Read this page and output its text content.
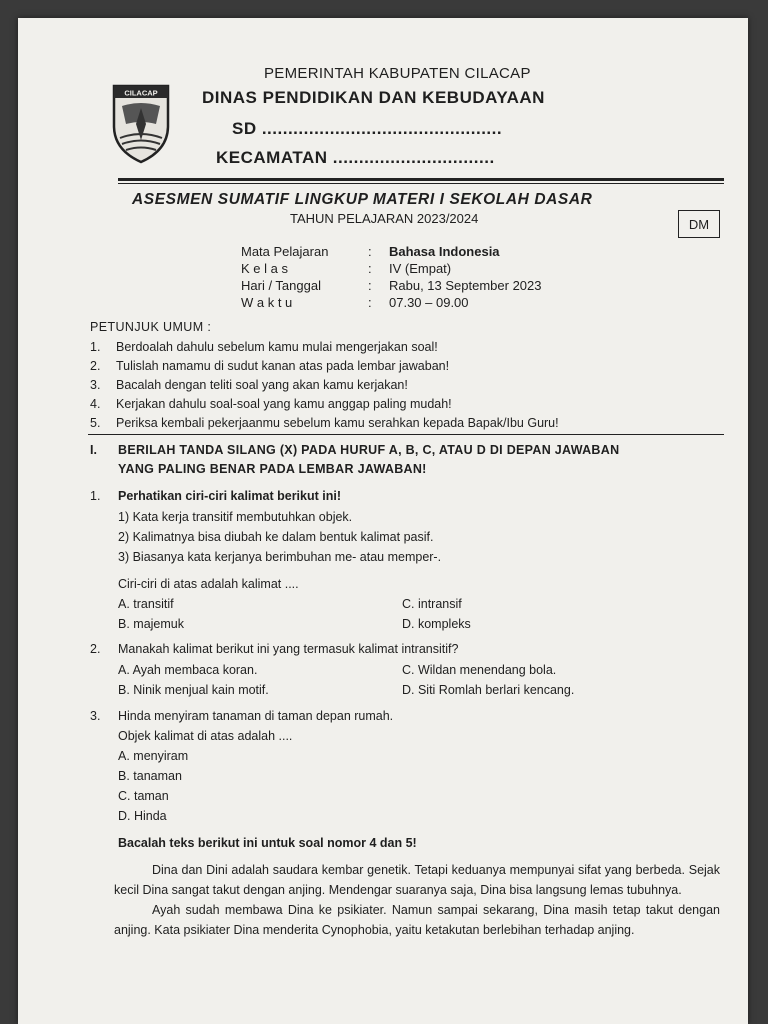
CILACAP
PEMERINTAH KABUPATEN CILACAP
DINAS PENDIDIKAN DAN KEBUDAYAAN
SD ..............................................
KECAMATAN ...............................
ASESMEN SUMATIF LINGKUP MATERI I SEKOLAH DASAR
TAHUN PELAJARAN 2023/2024	DM
Mata Pelajaran	: Bahasa Indonesia
K e l a s	: IV (Empat)
Hari / Tanggal	: Rabu, 13 September 2023
W a k t u	: 07.30 – 09.00
PETUNJUK UMUM :
1. Berdoalah dahulu sebelum kamu mulai mengerjakan soal!
2. Tulislah namamu di sudut kanan atas pada lembar jawaban!
3. Bacalah dengan teliti soal yang akan kamu kerjakan!
4. Kerjakan dahulu soal-soal yang kamu anggap paling mudah!
5. Periksa kembali pekerjaanmu sebelum kamu serahkan kepada Bapak/Ibu Guru!
I. BERILAH TANDA SILANG (X) PADA HURUF A, B, C, ATAU D DI DEPAN JAWABAN
YANG PALING BENAR PADA LEMBAR JAWABAN!
1. Perhatikan ciri-ciri kalimat berikut ini!
1) Kata kerja transitif membutuhkan objek.
2) Kalimatnya bisa diubah ke dalam bentuk kalimat pasif.
3) Biasanya kata kerjanya berimbuhan me- atau memper-.
Ciri-ciri di atas adalah kalimat ....
A. transitif	C. intransif
B. majemuk	D. kompleks
2. Manakah kalimat berikut ini yang termasuk kalimat intransitif?
A. Ayah membaca koran.	C. Wildan menendang bola.
B. Ninik menjual kain motif.	D. Siti Romlah berlari kencang.
3. Hinda menyiram tanaman di taman depan rumah.
Objek kalimat di atas adalah ....
A. menyiram
B. tanaman
C. taman
D. Hinda
Bacalah teks berikut ini untuk soal nomor 4 dan 5!

Dina dan Dini adalah saudara kembar genetik. Tetapi keduanya mempunyai sifat yang berbeda. Sejak kecil Dina sangat takut dengan anjing. Mendengar suaranya saja, Dina bisa langsung lemas tubuhnya.

Ayah sudah membawa Dina ke psikiater. Namun sampai sekarang, Dina masih tetap takut dengan anjing. Kata psikiater Dina menderita Cynophobia, yaitu ketakutan berlebihan terhadap anjing.
